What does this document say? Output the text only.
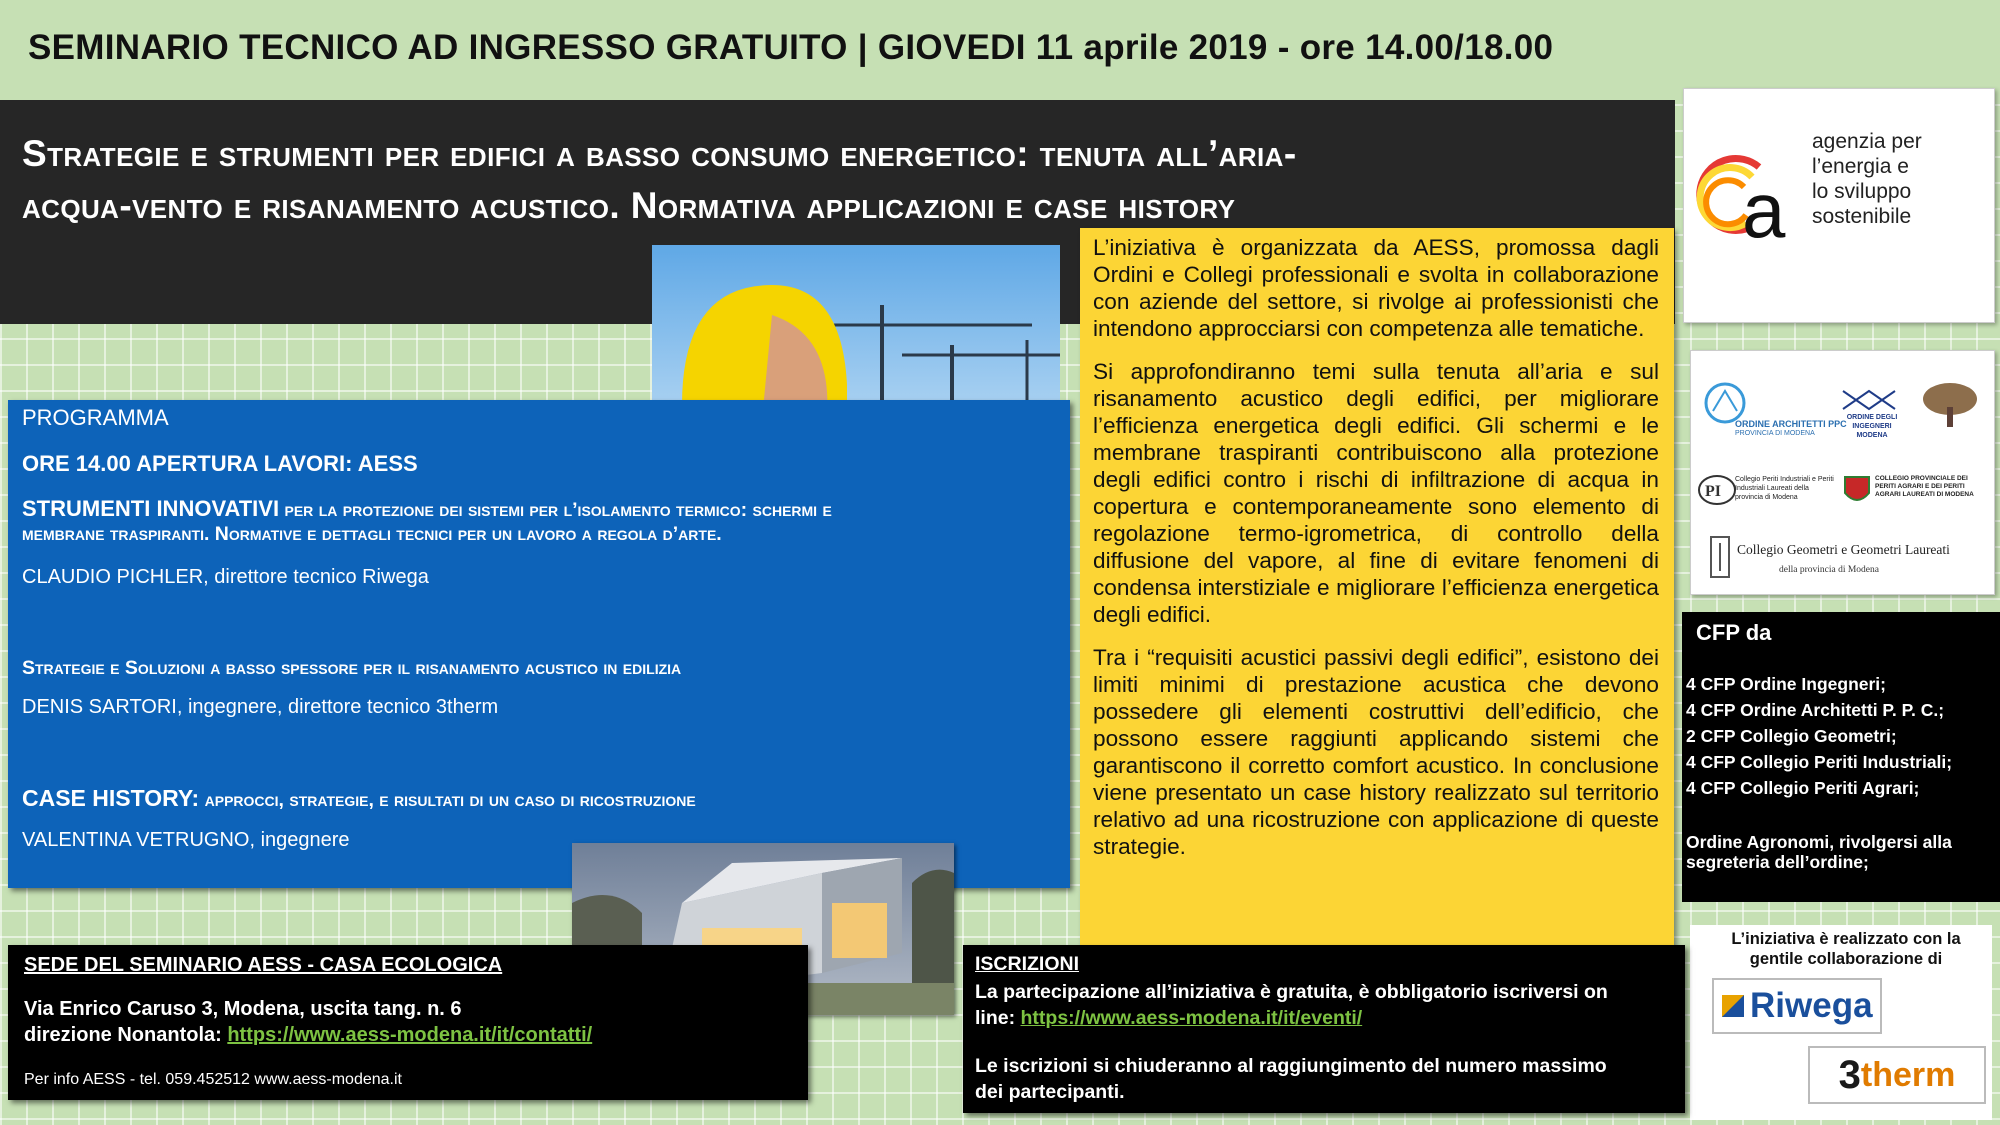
SEMINARIO TECNICO AD INGRESSO GRATUITO | GIOVEDI 11 aprile 2019 - ore 14.00/18.00
Strategie e strumenti per edifici a basso consumo energetico: tenuta all’aria-
acqua-vento e risanamento acustico. Normativa applicazioni e case history	a
agenzia per l’energia e
lo sviluppo sostenibile
ORDINE ARCHITETTI PPC
PROVINCIA DI MODENA
ORDINE DEGLI INGEGNERI
MODENA
PI
Collegio Periti Industriali e Periti Industriali Laureati della provincia di Modena
COLLEGIO PROVINCIALE DEI PERITI AGRARI E DEI PERITI AGRARI LAUREATI DI MODENA
Collegio Geometri e Geometri Laureati
della provincia di Modena
PROGRAMMA
ORE 14.00 APERTURA LAVORI: AESS
STRUMENTI INNOVATIVI per la protezione dei sistemi per l’isolamento termico: schermi e
membrane traspiranti. Normative e dettagli tecnici per un lavoro a regola d’arte.
CLAUDIO PICHLER, direttore tecnico Riwega
Strategie e Soluzioni a basso spessore per il risanamento acustico in edilizia
DENIS SARTORI, ingegnere, direttore tecnico 3therm
CASE HISTORY: approcci, strategie, e risultati di un caso di ricostruzione
VALENTINA VETRUGNO, ingegnere

L’iniziativa è organizzata da AESS, promossa dagli Ordini e Collegi professionali e svolta in collaborazione con aziende del settore, si rivolge ai professionisti che intendono approcciarsi con competenza alle tematiche.

Si approfondiranno temi sulla tenuta all’aria e sul risanamento acustico degli edifici, per migliorare l’efficienza energetica degli edifici. Gli schermi e le membrane traspiranti contribuiscono alla protezione degli edifici contro i rischi di infiltrazione di acqua in copertura e contemporaneamente sono elemento di regolazione termo-igrometrica, di controllo della diffusione del vapore, al fine di evitare fenomeni di condensa interstiziale e migliorare l’efficienza energetica degli edifici.

Tra i “requisiti acustici passivi degli edifici”, esistono dei limiti minimi di prestazione acustica che devono possedere gli elementi costruttivi dell’edificio, che possono essere raggiunti applicando sistemi che garantiscono il corretto comfort acustico. In conclusione viene presentato un case history realizzato sul territorio relativo ad una ricostruzione con applicazione di queste strategie.

CFP da
4 CFP Ordine Ingegneri;
4 CFP Ordine Architetti P. P. C.;
2 CFP Collegio Geometri;
4 CFP Collegio Periti Industriali;
4 CFP Collegio Periti Agrari;
Ordine Agronomi, rivolgersi alla segreteria dell’ordine;
L’iniziativa è realizzato con la gentile collaborazione di
Riwega
3 therm
SEDE DEL SEMINARIO AESS - CASA ECOLOGICA
Via Enrico Caruso 3, Modena, uscita tang. n. 6
direzione Nonantola: https://www.aess-modena.it/it/contatti/
Per info AESS - tel. 059.452512 www.aess-modena.it
ISCRIZIONI
La partecipazione all’iniziativa è gratuita, è obbligatorio iscriversi on
line: https://www.aess-modena.it/it/eventi/
Le iscrizioni si chiuderanno al raggiungimento del numero massimo
dei partecipanti.
